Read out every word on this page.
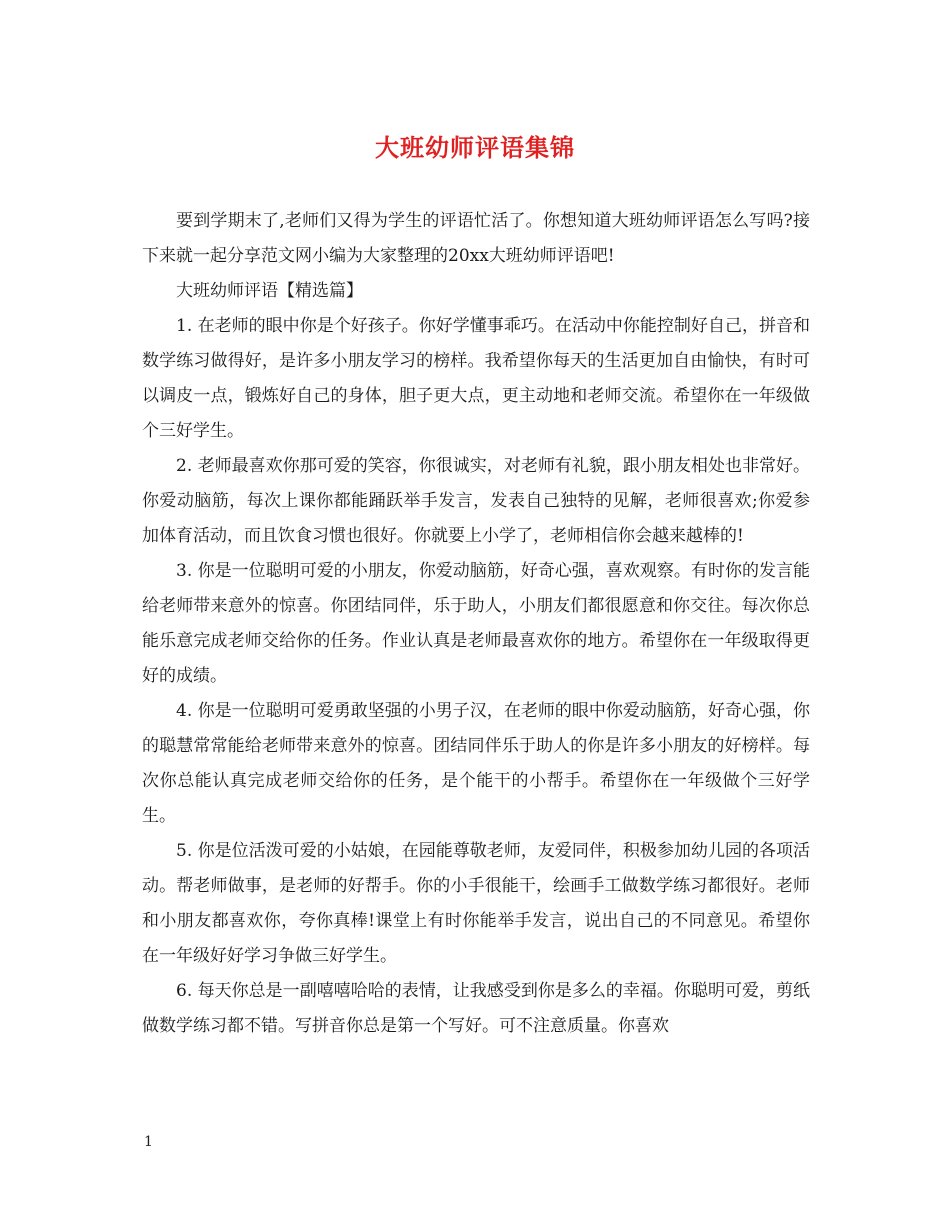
大班幼师评语集锦

要到学期末了,老师们又得为学生的评语忙活了。你想知道大班幼师评语怎么写吗?接下来就一起分享范文网小编为大家整理的20xx大班幼师评语吧!

大班幼师评语【精选篇】

1. 在老师的眼中你是个好孩子。你好学懂事乖巧。在活动中你能控制好自己，拼音和数学练习做得好，是许多小朋友学习的榜样。我希望你每天的生活更加自由愉快，有时可以调皮一点，锻炼好自己的身体，胆子更大点，更主动地和老师交流。希望你在一年级做个三好学生。

2. 老师最喜欢你那可爱的笑容，你很诚实，对老师有礼貌，跟小朋友相处也非常好。你爱动脑筋，每次上课你都能踊跃举手发言，发表自己独特的见解，老师很喜欢;你爱参加体育活动，而且饮食习惯也很好。你就要上小学了，老师相信你会越来越棒的!

3. 你是一位聪明可爱的小朋友，你爱动脑筋，好奇心强，喜欢观察。有时你的发言能给老师带来意外的惊喜。你团结同伴，乐于助人，小朋友们都很愿意和你交往。每次你总能乐意完成老师交给你的任务。作业认真是老师最喜欢你的地方。希望你在一年级取得更好的成绩。

4. 你是一位聪明可爱勇敢坚强的小男子汉，在老师的眼中你爱动脑筋，好奇心强，你的聪慧常常能给老师带来意外的惊喜。团结同伴乐于助人的你是许多小朋友的好榜样。每次你总能认真完成老师交给你的任务，是个能干的小帮手。希望你在一年级做个三好学生。

5. 你是位活泼可爱的小姑娘，在园能尊敬老师，友爱同伴，积极参加幼儿园的各项活动。帮老师做事，是老师的好帮手。你的小手很能干，绘画手工做数学练习都很好。老师和小朋友都喜欢你，夸你真棒!课堂上有时你能举手发言，说出自己的不同意见。希望你在一年级好好学习争做三好学生。

6. 每天你总是一副嘻嘻哈哈的表情，让我感受到你是多么的幸福。你聪明可爱，剪纸做数学练习都不错。写拼音你总是第一个写好。可不注意质量。你喜欢

1
